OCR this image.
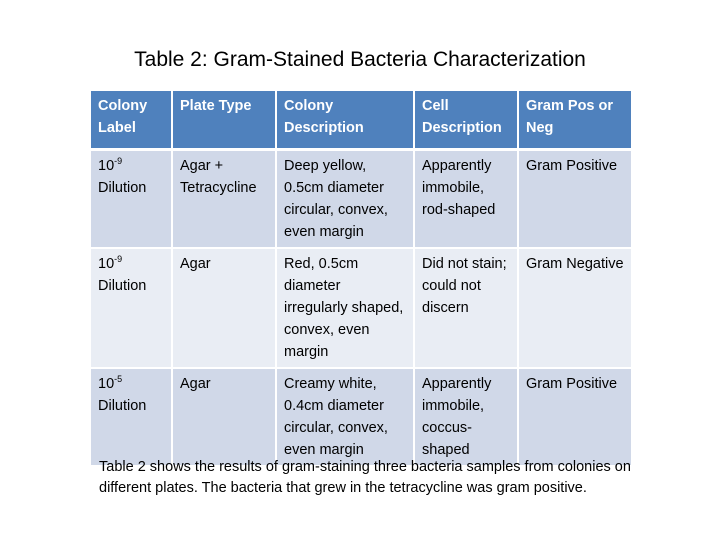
Table 2: Gram-Stained Bacteria Characterization
Colony Label	Plate Type	Colony Description	Cell Description	Gram Pos or Neg
$10^{-9}$
Dilution	Agar + Tetracycline	Deep yellow, 0.5cm diameter circular, convex, even margin	Apparently immobile, rod-shaped	Gram Positive
$10^{-9}$
Dilution	Agar	Red, 0.5cm diameter irregularly shaped, convex, even margin	Did not stain; could not discern	Gram Negative
$10^{-5}$
Dilution	Agar	Creamy white, 0.4cm diameter circular, convex, even margin	Apparently immobile, coccus-shaped	Gram Positive
Table 2 shows the results of gram-staining three bacteria samples from colonies on different plates. The bacteria that grew in the tetracycline was gram positive.
